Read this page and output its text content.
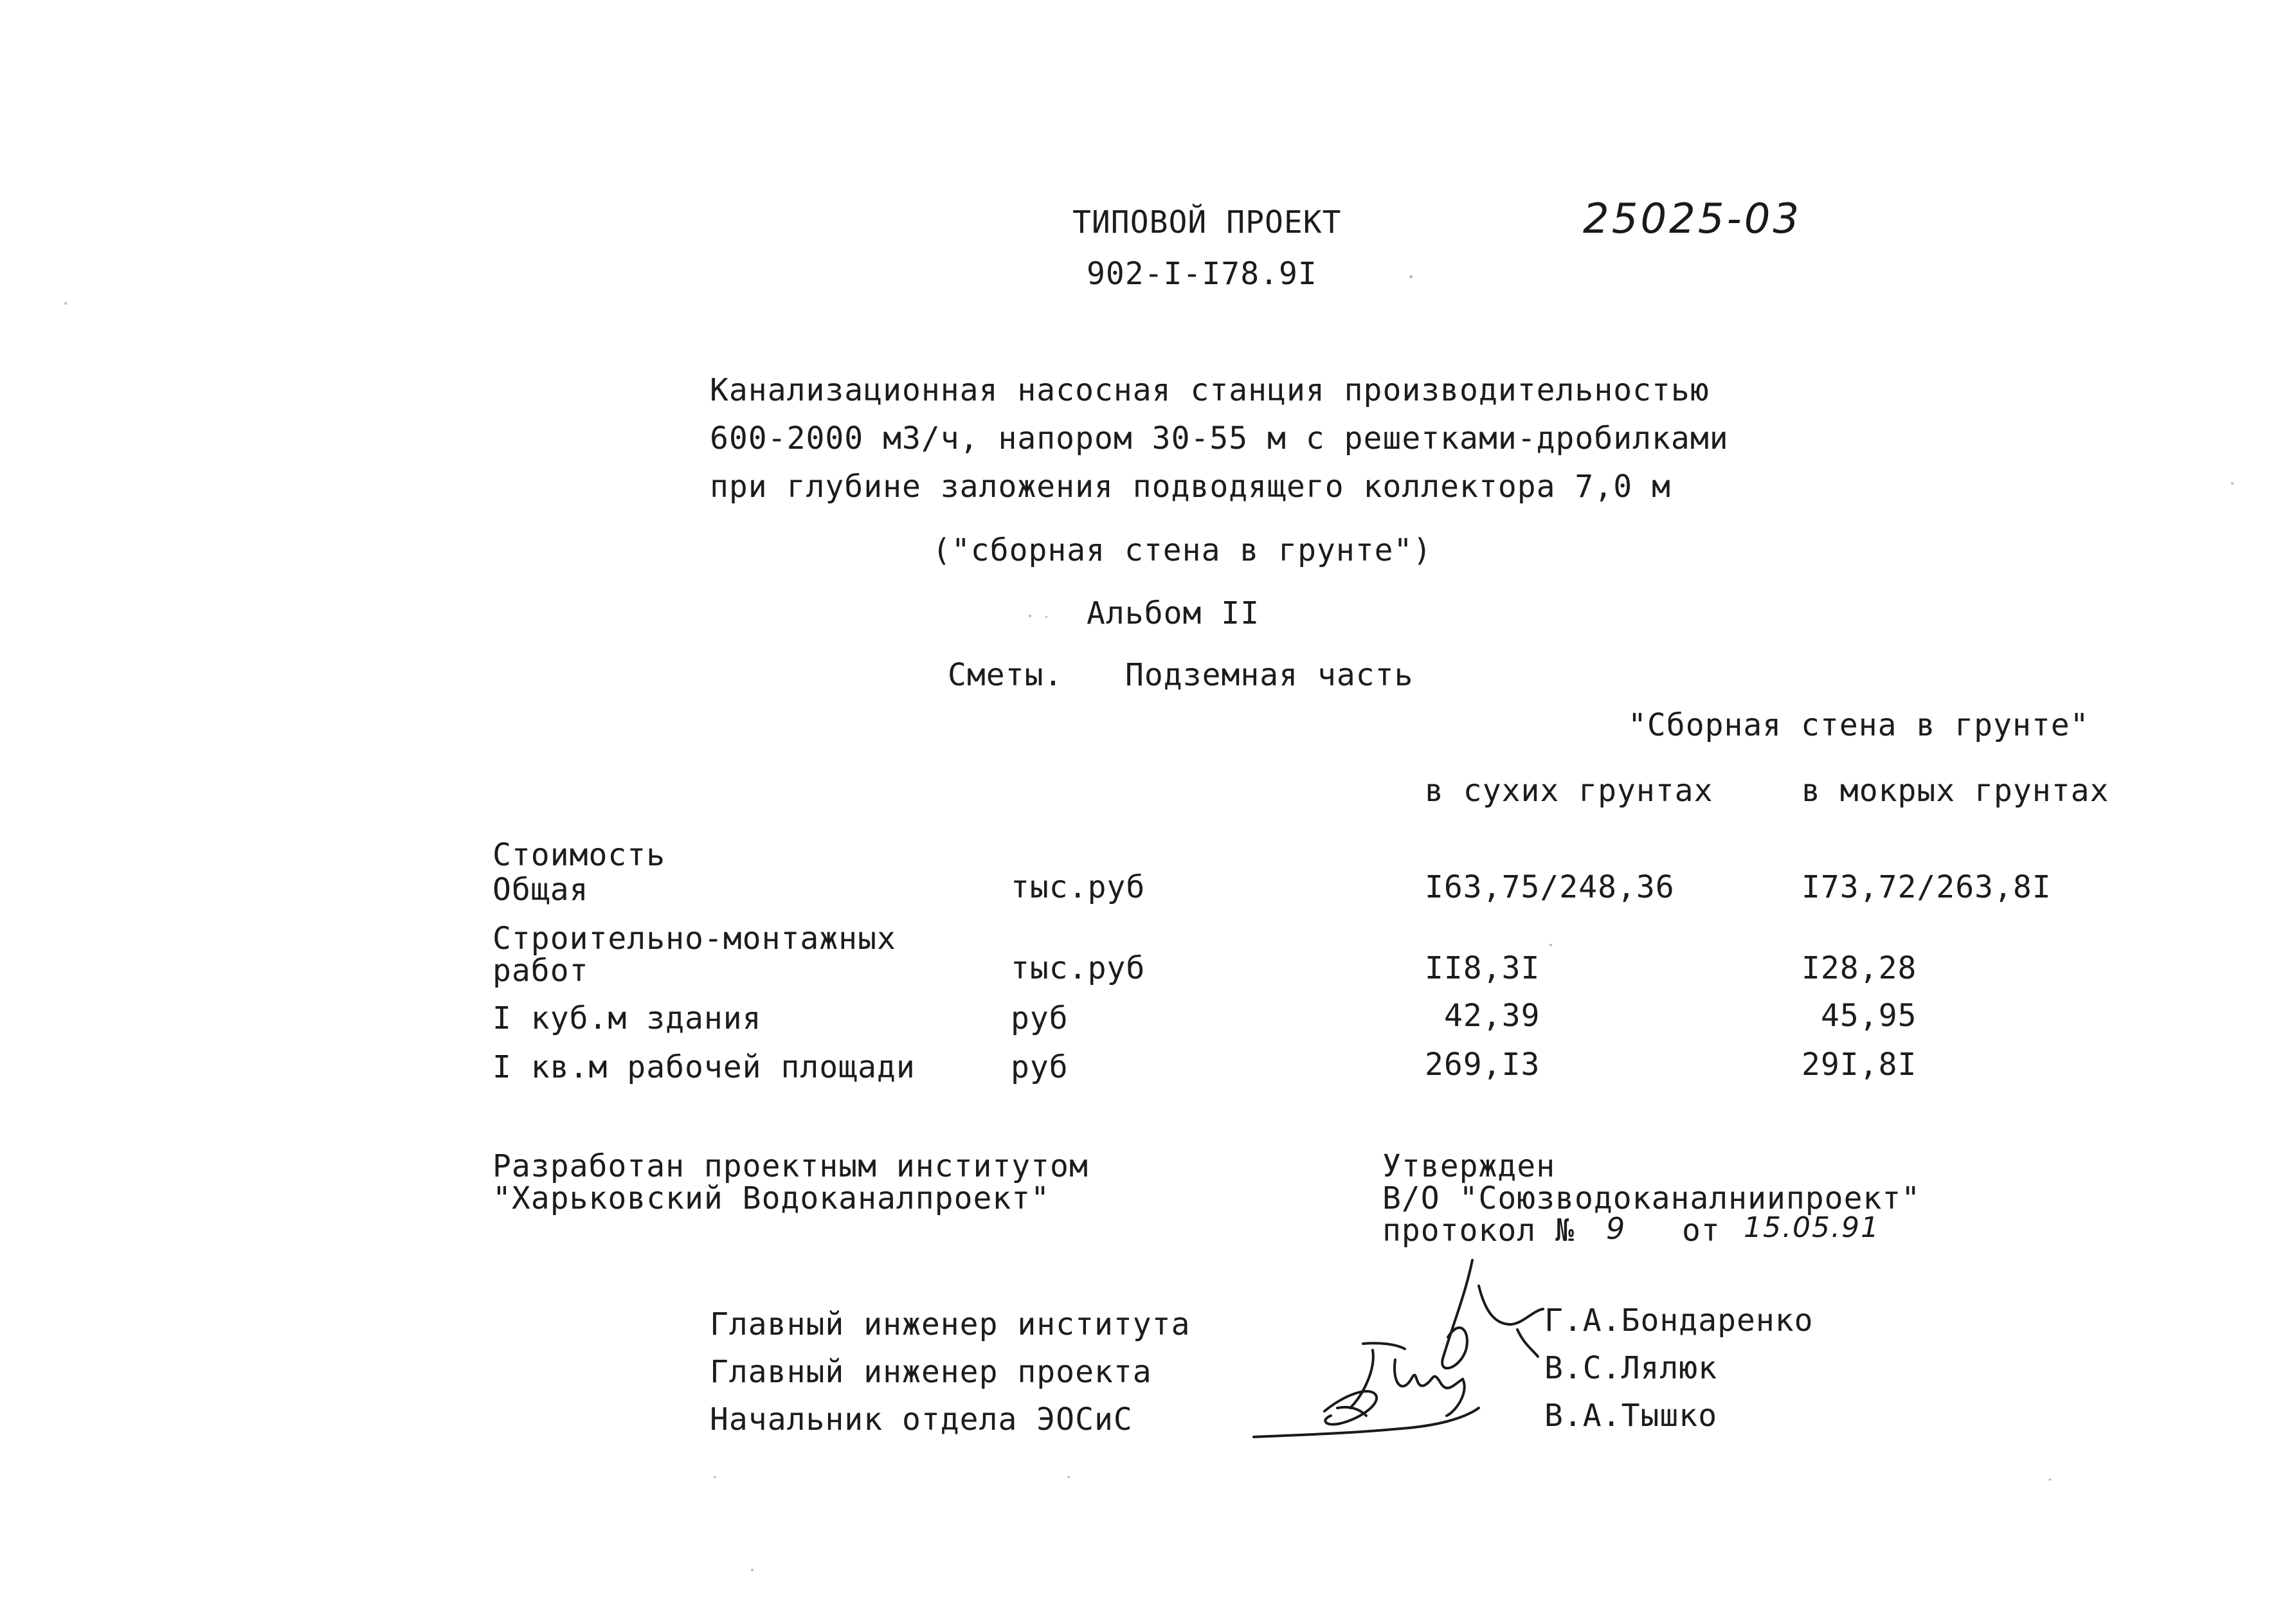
ТИПОВОЙ ПРОЕКТ
902-I-I78.9I
25025-03
Канализационная насосная станция производительностью
600-2000 м3/ч, напором 30-55 м с решетками-дробилками
при глубине заложения подводящего коллектора 7,0 м
("сборная стена в грунте")
Альбом II
Сметы. Подземная часть
"Сборная стена в грунте"
в сухих грунтах	в мокрых грунтах
Стоимость
Общая	тыс.руб	I63,75/248,36	I73,72/263,8I
Строительно-монтажных
работ	тыс.руб	II8,3I	I28,28
I куб.м здания	руб	42,39	45,95
I кв.м рабочей площади	руб	269,I3	29I,8I
Разработан проектным институтом
"Харьковский Водоканалпроект"
Утвержден
В/О "Союзводоканалниипроект"
протокол № 9 от 15.05.91
Главный инженер института	Г.А.Бондаренко
Главный инженер проекта	В.С.Лялюк
Начальник отдела ЭОСиС	В.А.Тышко
